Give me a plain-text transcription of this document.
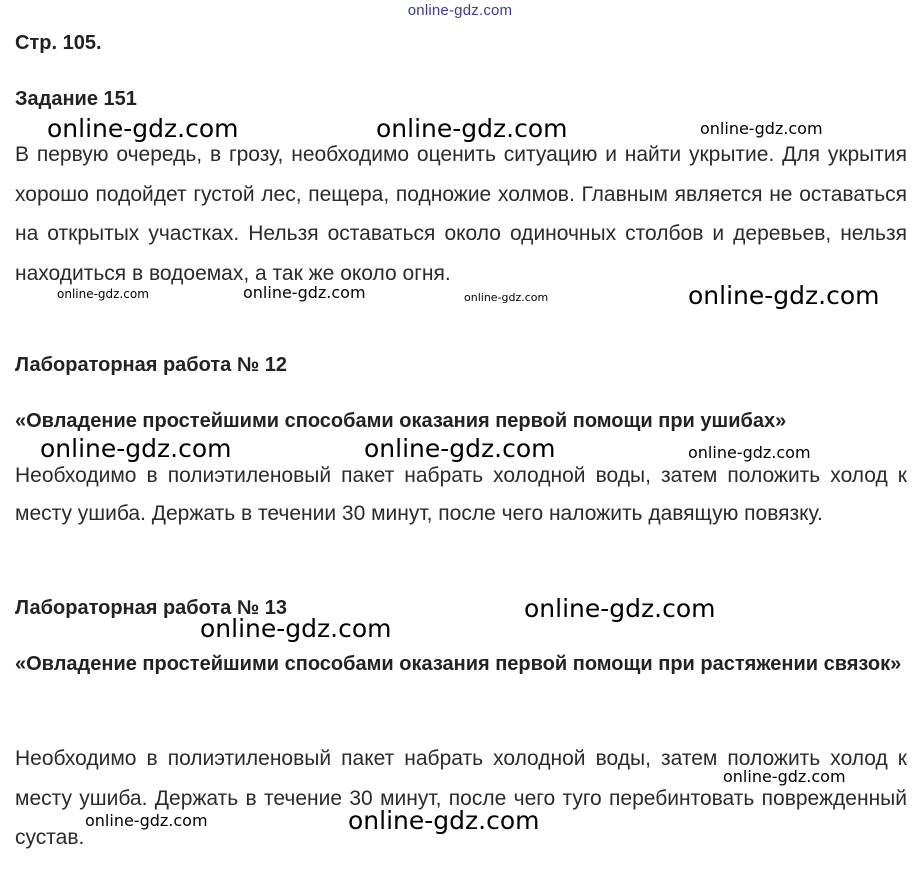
online-gdz.com
Стр. 105.
Задание 151

В первую очередь, в грозу, необходимо оценить ситуацию и найти укрытие. Для укрытия хорошо подойдет густой лес, пещера, подножие холмов. Главным является не оставаться на открытых участках. Нельзя оставаться около одиночных столбов и деревьев, нельзя находиться в водоемах, а так же около огня.

Лабораторная работа № 12
«Овладение простейшими способами оказания первой помощи при ушибах»

Необходимо в полиэтиленовый пакет набрать холодной воды, затем положить холод к месту ушиба. Держать в течении 30 минут, после чего наложить давящую повязку.

Лабораторная работа № 13

«Овладение простейшими способами оказания первой помощи при растяжении связок»

Необходимо в полиэтиленовый пакет набрать холодной воды, затем положить холод к месту ушиба. Держать в течение 30 минут, после чего туго перебинтовать поврежденный сустав.

online-gdz.com	online-gdz.com	online-gdz.com
online-gdz.com	online-gdz.com	online-gdz.com	online-gdz.com
online-gdz.com	online-gdz.com	online-gdz.com
online-gdz.com
online-gdz.com
online-gdz.com
online-gdz.com	online-gdz.com
